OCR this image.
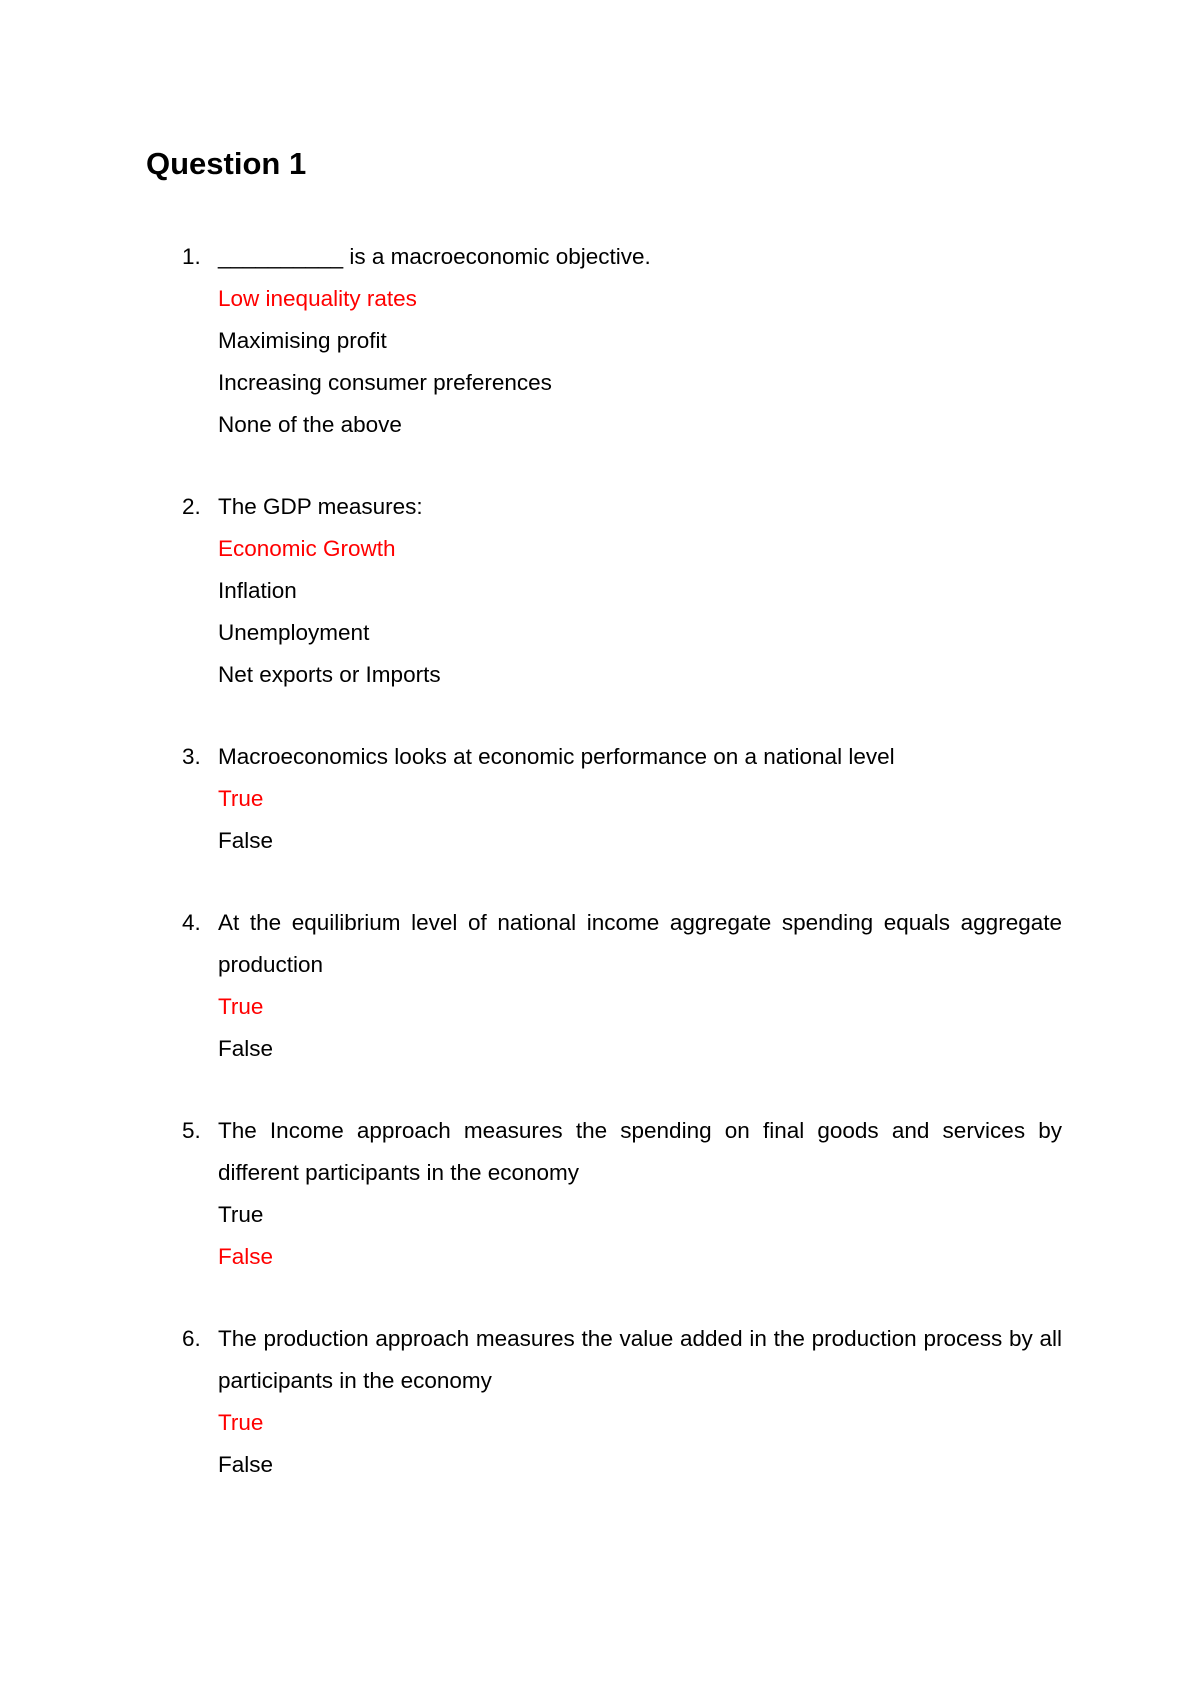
Question 1
1. __________ is a macroeconomic objective.
Low inequality rates
Maximising profit
Increasing consumer preferences
None of the above
2. The GDP measures:
Economic Growth
Inflation
Unemployment
Net exports or Imports
3. Macroeconomics looks at economic performance on a national level
True
False
4. At the equilibrium level of national income aggregate spending equals aggregate production
True
False
5. The Income approach measures the spending on final goods and services by different participants in the economy
True
False
6. The production approach measures the value added in the production process by all participants in the economy
True
False
